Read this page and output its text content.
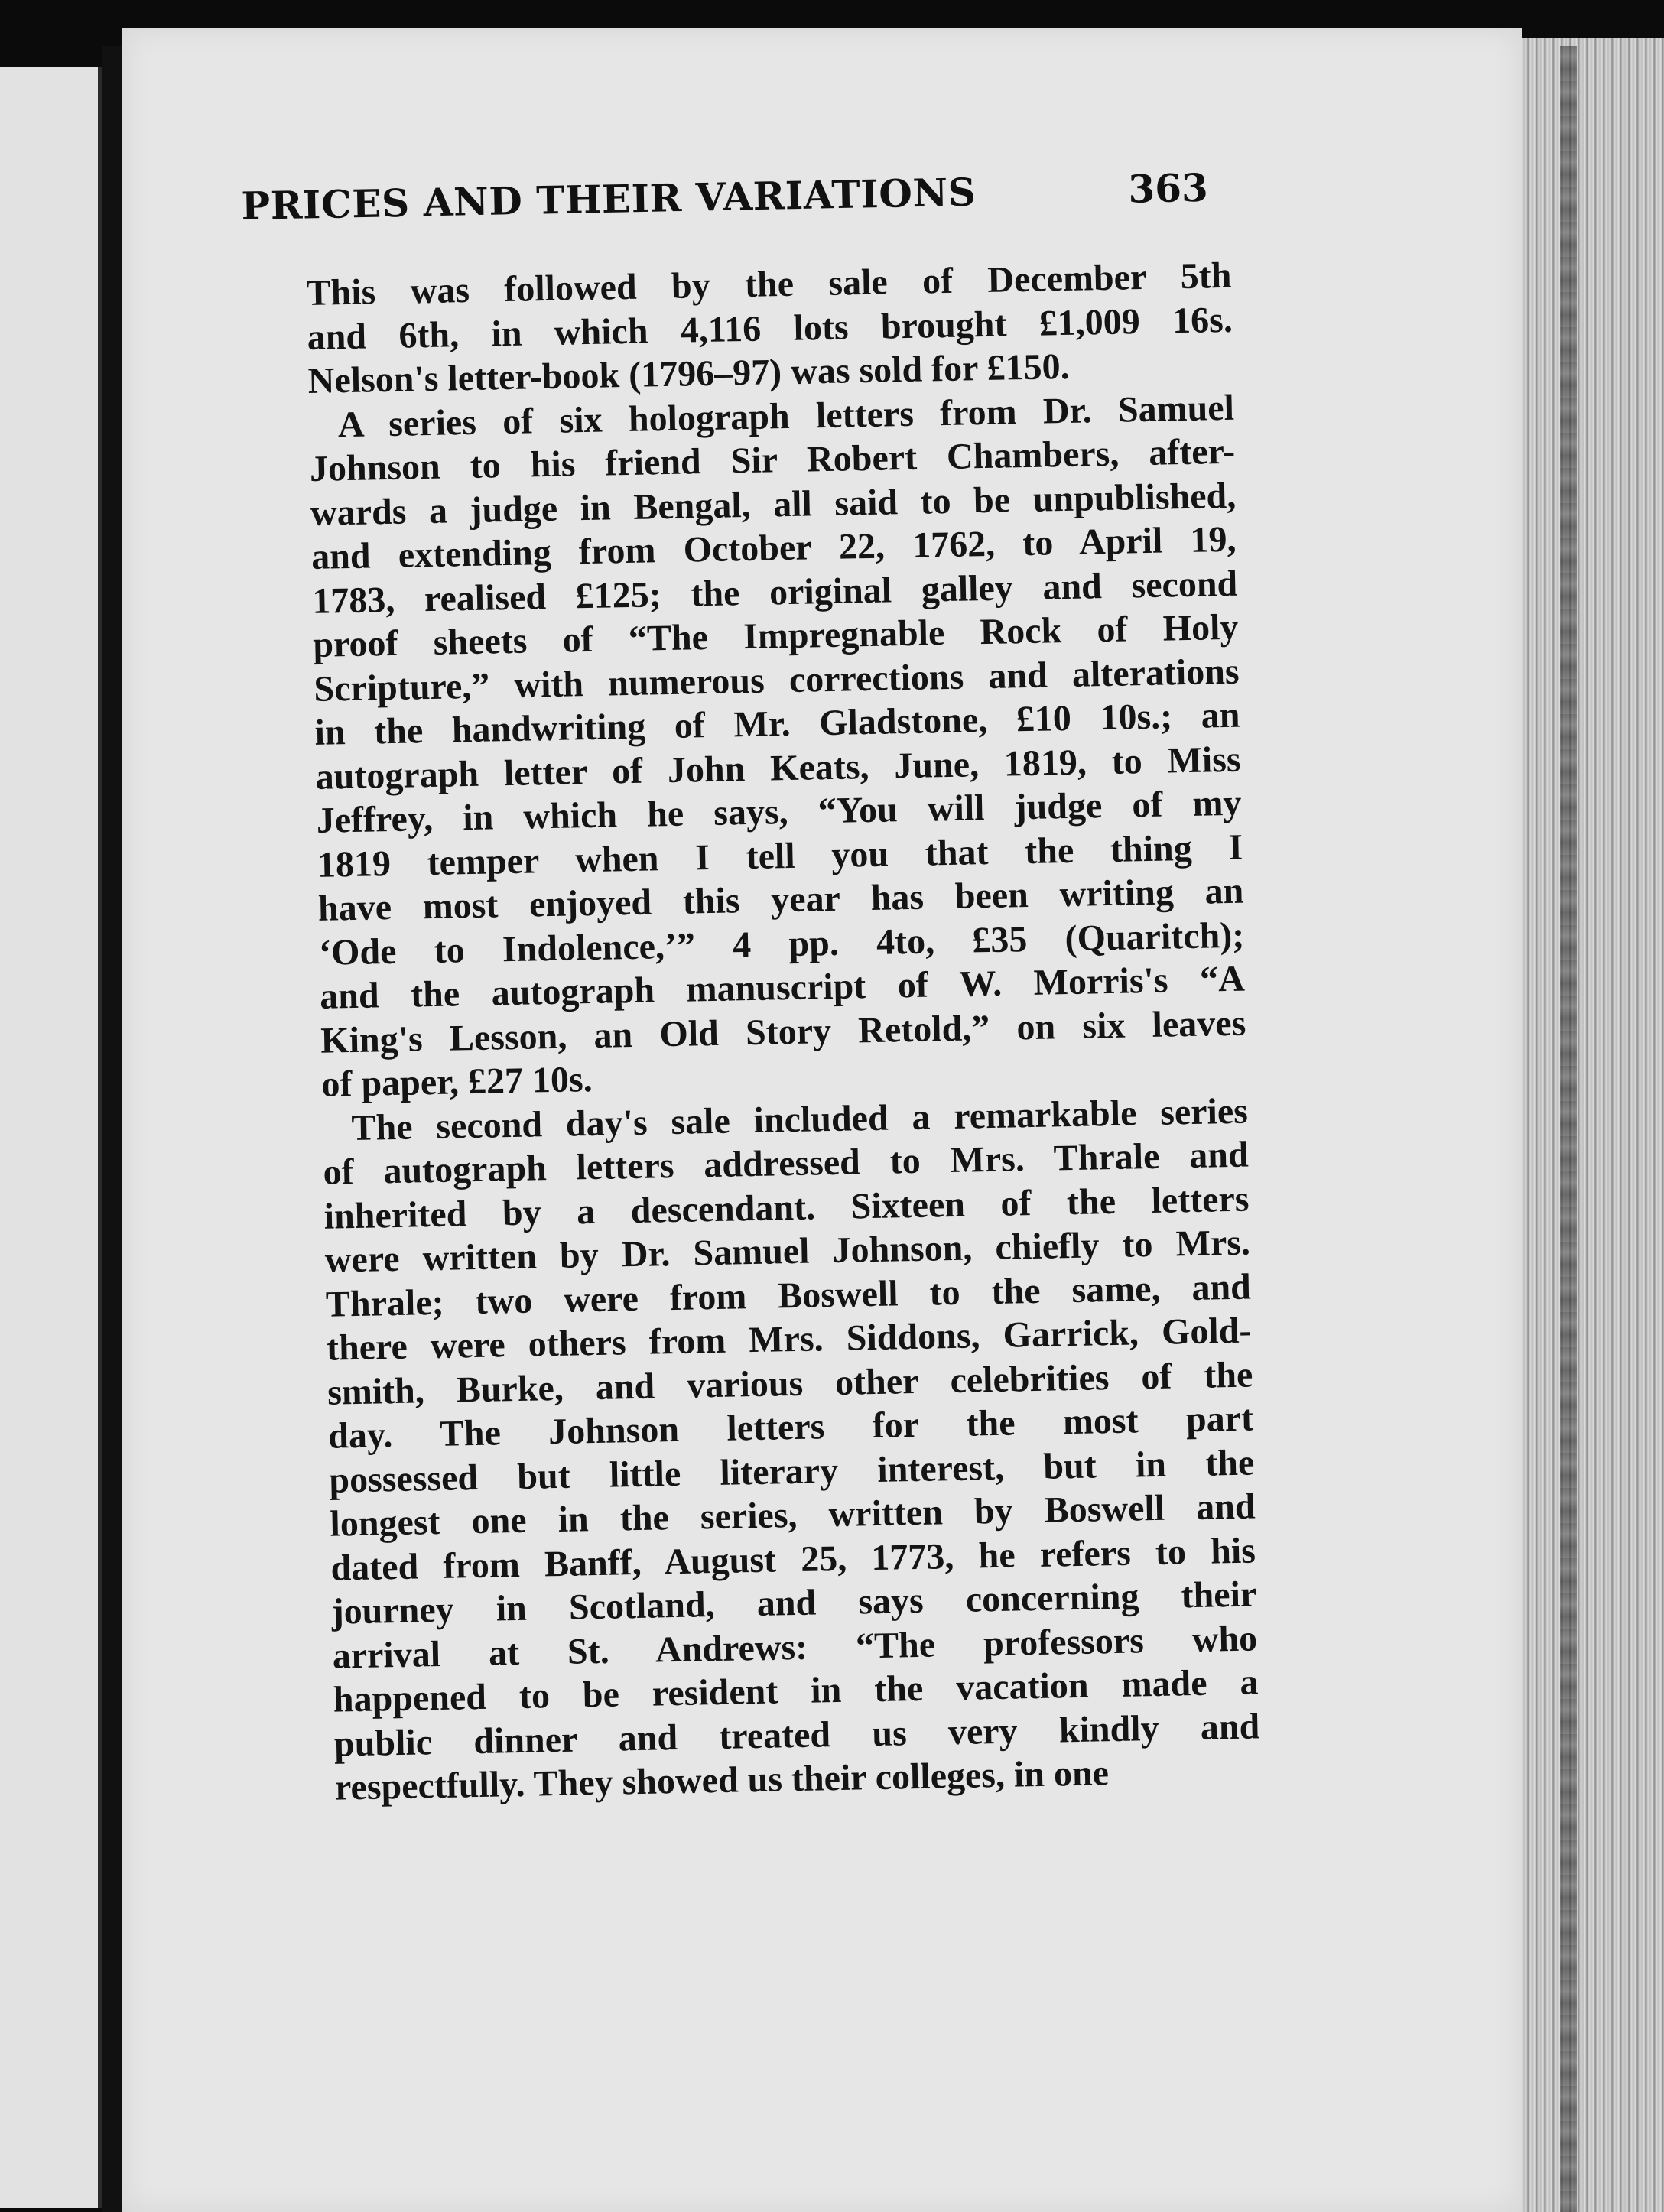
PRICES AND THEIR VARIATIONS	363
This was followed by the sale of December 5th
and 6th, in which 4,116 lots brought £1,009 16s.
Nelson's letter-book (1796–97) was sold for £150.
A series of six holograph letters from Dr. Samuel
Johnson to his friend Sir Robert Chambers, after-
wards a judge in Bengal, all said to be unpublished,
and extending from October 22, 1762, to April 19,
1783, realised £125; the original galley and second
proof sheets of “The Impregnable Rock of Holy
Scripture,” with numerous corrections and alterations
in the handwriting of Mr. Gladstone, £10 10s.; an
autograph letter of John Keats, June, 1819, to Miss
Jeffrey, in which he says, “You will judge of my
1819 temper when I tell you that the thing I
have most enjoyed this year has been writing an
‘Ode to Indolence,’” 4 pp. 4to, £35 (Quaritch);
and the autograph manuscript of W. Morris's “A
King's Lesson, an Old Story Retold,” on six leaves
of paper, £27 10s.
The second day's sale included a remarkable series
of autograph letters addressed to Mrs. Thrale and
inherited by a descendant. Sixteen of the letters
were written by Dr. Samuel Johnson, chiefly to Mrs.
Thrale; two were from Boswell to the same, and
there were others from Mrs. Siddons, Garrick, Gold-
smith, Burke, and various other celebrities of the
day. The Johnson letters for the most part
possessed but little literary interest, but in the
longest one in the series, written by Boswell and
dated from Banff, August 25, 1773, he refers to his
journey in Scotland, and says concerning their
arrival at St. Andrews: “The professors who
happened to be resident in the vacation made a
public dinner and treated us very kindly and
respectfully. They showed us their colleges, in one
